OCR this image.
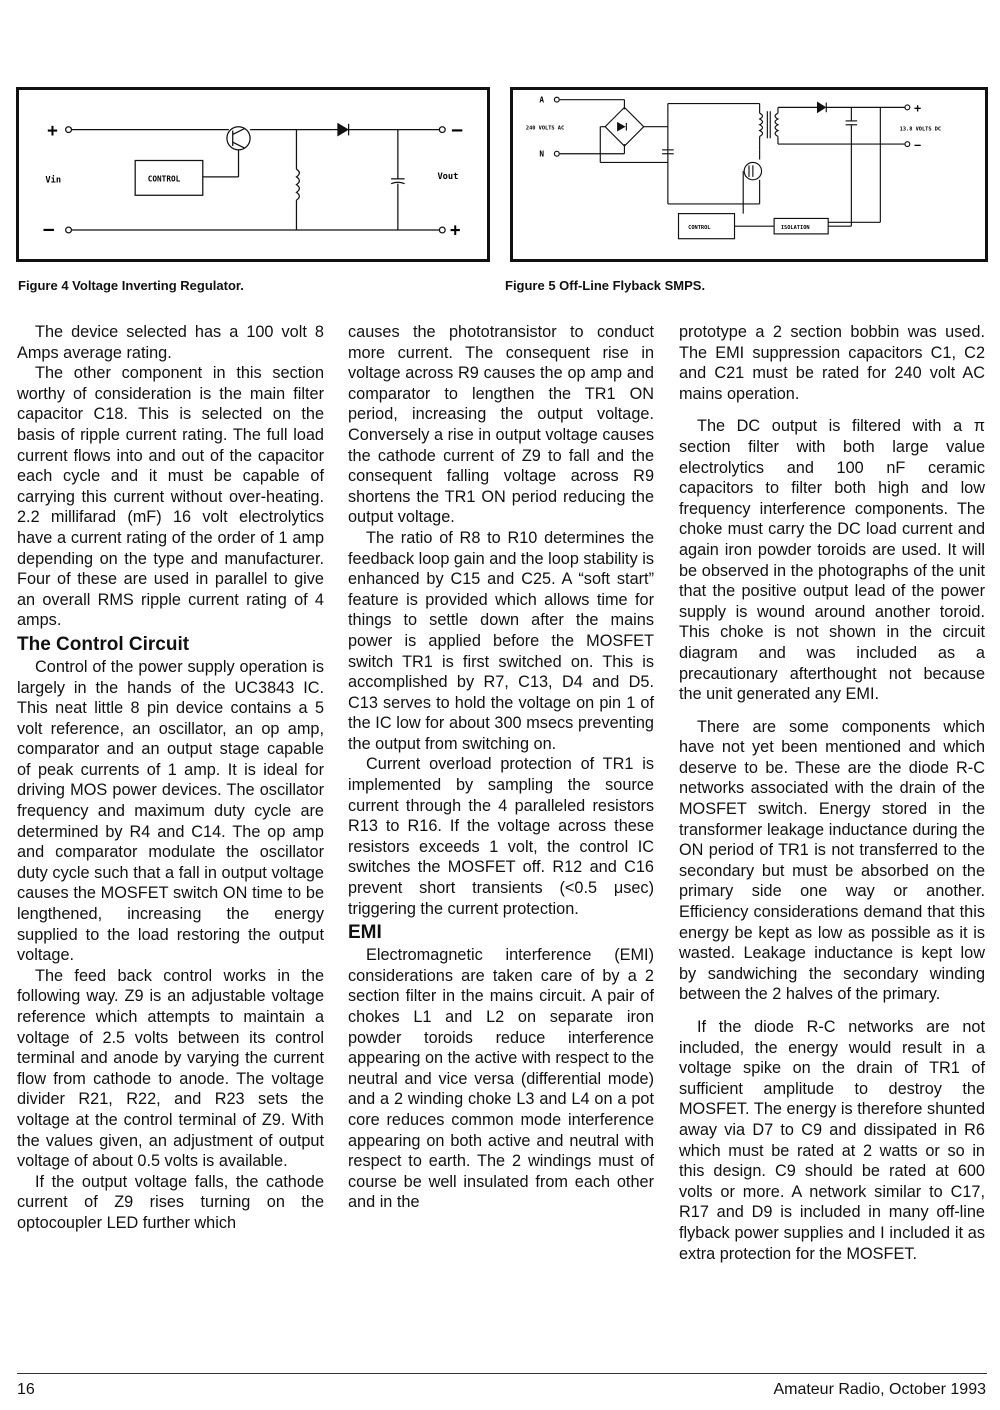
+
—
Vin	CONTROL
—
+
Vout
A
N
240 VOLTS AC
+
−
13.8 VOLTS DC
CONTROL	ISOLATION
Figure 4 Voltage Inverting Regulator.	Figure 5 Off-Line Flyback SMPS.

The device selected has a 100 volt 8 Amps average rating.

The other component in this section worthy of consideration is the main filter capacitor C18. This is selected on the basis of ripple current rating. The full load current flows into and out of the capacitor each cycle and it must be capable of carrying this current without over-heating. 2.2 millifarad (mF) 16 volt electrolytics have a current rating of the order of 1 amp depending on the type and manufacturer. Four of these are used in parallel to give an overall RMS ripple current rating of 4 amps.

The Control Circuit

Control of the power supply operation is largely in the hands of the UC3843 IC. This neat little 8 pin device contains a 5 volt reference, an oscillator, an op amp, comparator and an output stage capable of peak currents of 1 amp. It is ideal for driving MOS power devices. The oscillator frequency and maximum duty cycle are determined by R4 and C14. The op amp and comparator modulate the oscillator duty cycle such that a fall in output voltage causes the MOSFET switch ON time to be lengthened, increasing the energy supplied to the load restoring the output voltage.

The feed back control works in the following way. Z9 is an adjustable voltage reference which attempts to maintain a voltage of 2.5 volts between its control terminal and anode by varying the current flow from cathode to anode. The voltage divider R21, R22, and R23 sets the voltage at the control terminal of Z9. With the values given, an adjustment of output voltage of about 0.5 volts is available.

If the output voltage falls, the cathode current of Z9 rises turning on the optocoupler LED further which

causes the phototransistor to conduct more current. The consequent rise in voltage across R9 causes the op amp and comparator to lengthen the TR1 ON period, increasing the output voltage. Conversely a rise in output voltage causes the cathode current of Z9 to fall and the consequent falling voltage across R9 shortens the TR1 ON period reducing the output voltage.

The ratio of R8 to R10 determines the feedback loop gain and the loop stability is enhanced by C15 and C25. A “soft start” feature is provided which allows time for things to settle down after the mains power is applied before the MOSFET switch TR1 is first switched on. This is accomplished by R7, C13, D4 and D5. C13 serves to hold the voltage on pin 1 of the IC low for about 300 msecs preventing the output from switching on.

Current overload protection of TR1 is implemented by sampling the source current through the 4 paralleled resistors R13 to R16. If the voltage across these resistors exceeds 1 volt, the control IC switches the MOSFET off. R12 and C16 prevent short transients (<0.5 μsec) triggering the current protection.

EMI

Electromagnetic interference (EMI) considerations are taken care of by a 2 section filter in the mains circuit. A pair of chokes L1 and L2 on separate iron powder toroids reduce interference appearing on the active with respect to the neutral and vice versa (differential mode) and a 2 winding choke L3 and L4 on a pot core reduces common mode interference appearing on both active and neutral with respect to earth. The 2 windings must of course be well insulated from each other and in the

prototype a 2 section bobbin was used. The EMI suppression capacitors C1, C2 and C21 must be rated for 240 volt AC mains operation.

The DC output is filtered with a π section filter with both large value electrolytics and 100 nF ceramic capacitors to filter both high and low frequency interference components. The choke must carry the DC load current and again iron powder toroids are used. It will be observed in the photographs of the unit that the positive output lead of the power supply is wound around another toroid. This choke is not shown in the circuit diagram and was included as a precautionary afterthought not because the unit generated any EMI.

There are some components which have not yet been mentioned and which deserve to be. These are the diode R-C networks associated with the drain of the MOSFET switch. Energy stored in the transformer leakage inductance during the ON period of TR1 is not transferred to the secondary but must be absorbed on the primary side one way or another. Efficiency considerations demand that this energy be kept as low as possible as it is wasted. Leakage inductance is kept low by sandwiching the secondary winding between the 2 halves of the primary.

If the diode R-C networks are not included, the energy would result in a voltage spike on the drain of TR1 of sufficient amplitude to destroy the MOSFET. The energy is therefore shunted away via D7 to C9 and dissipated in R6 which must be rated at 2 watts or so in this design. C9 should be rated at 600 volts or more. A network similar to C17, R17 and D9 is included in many off-line flyback power supplies and I included it as extra protection for the MOSFET.

16	Amateur Radio, October 1993
